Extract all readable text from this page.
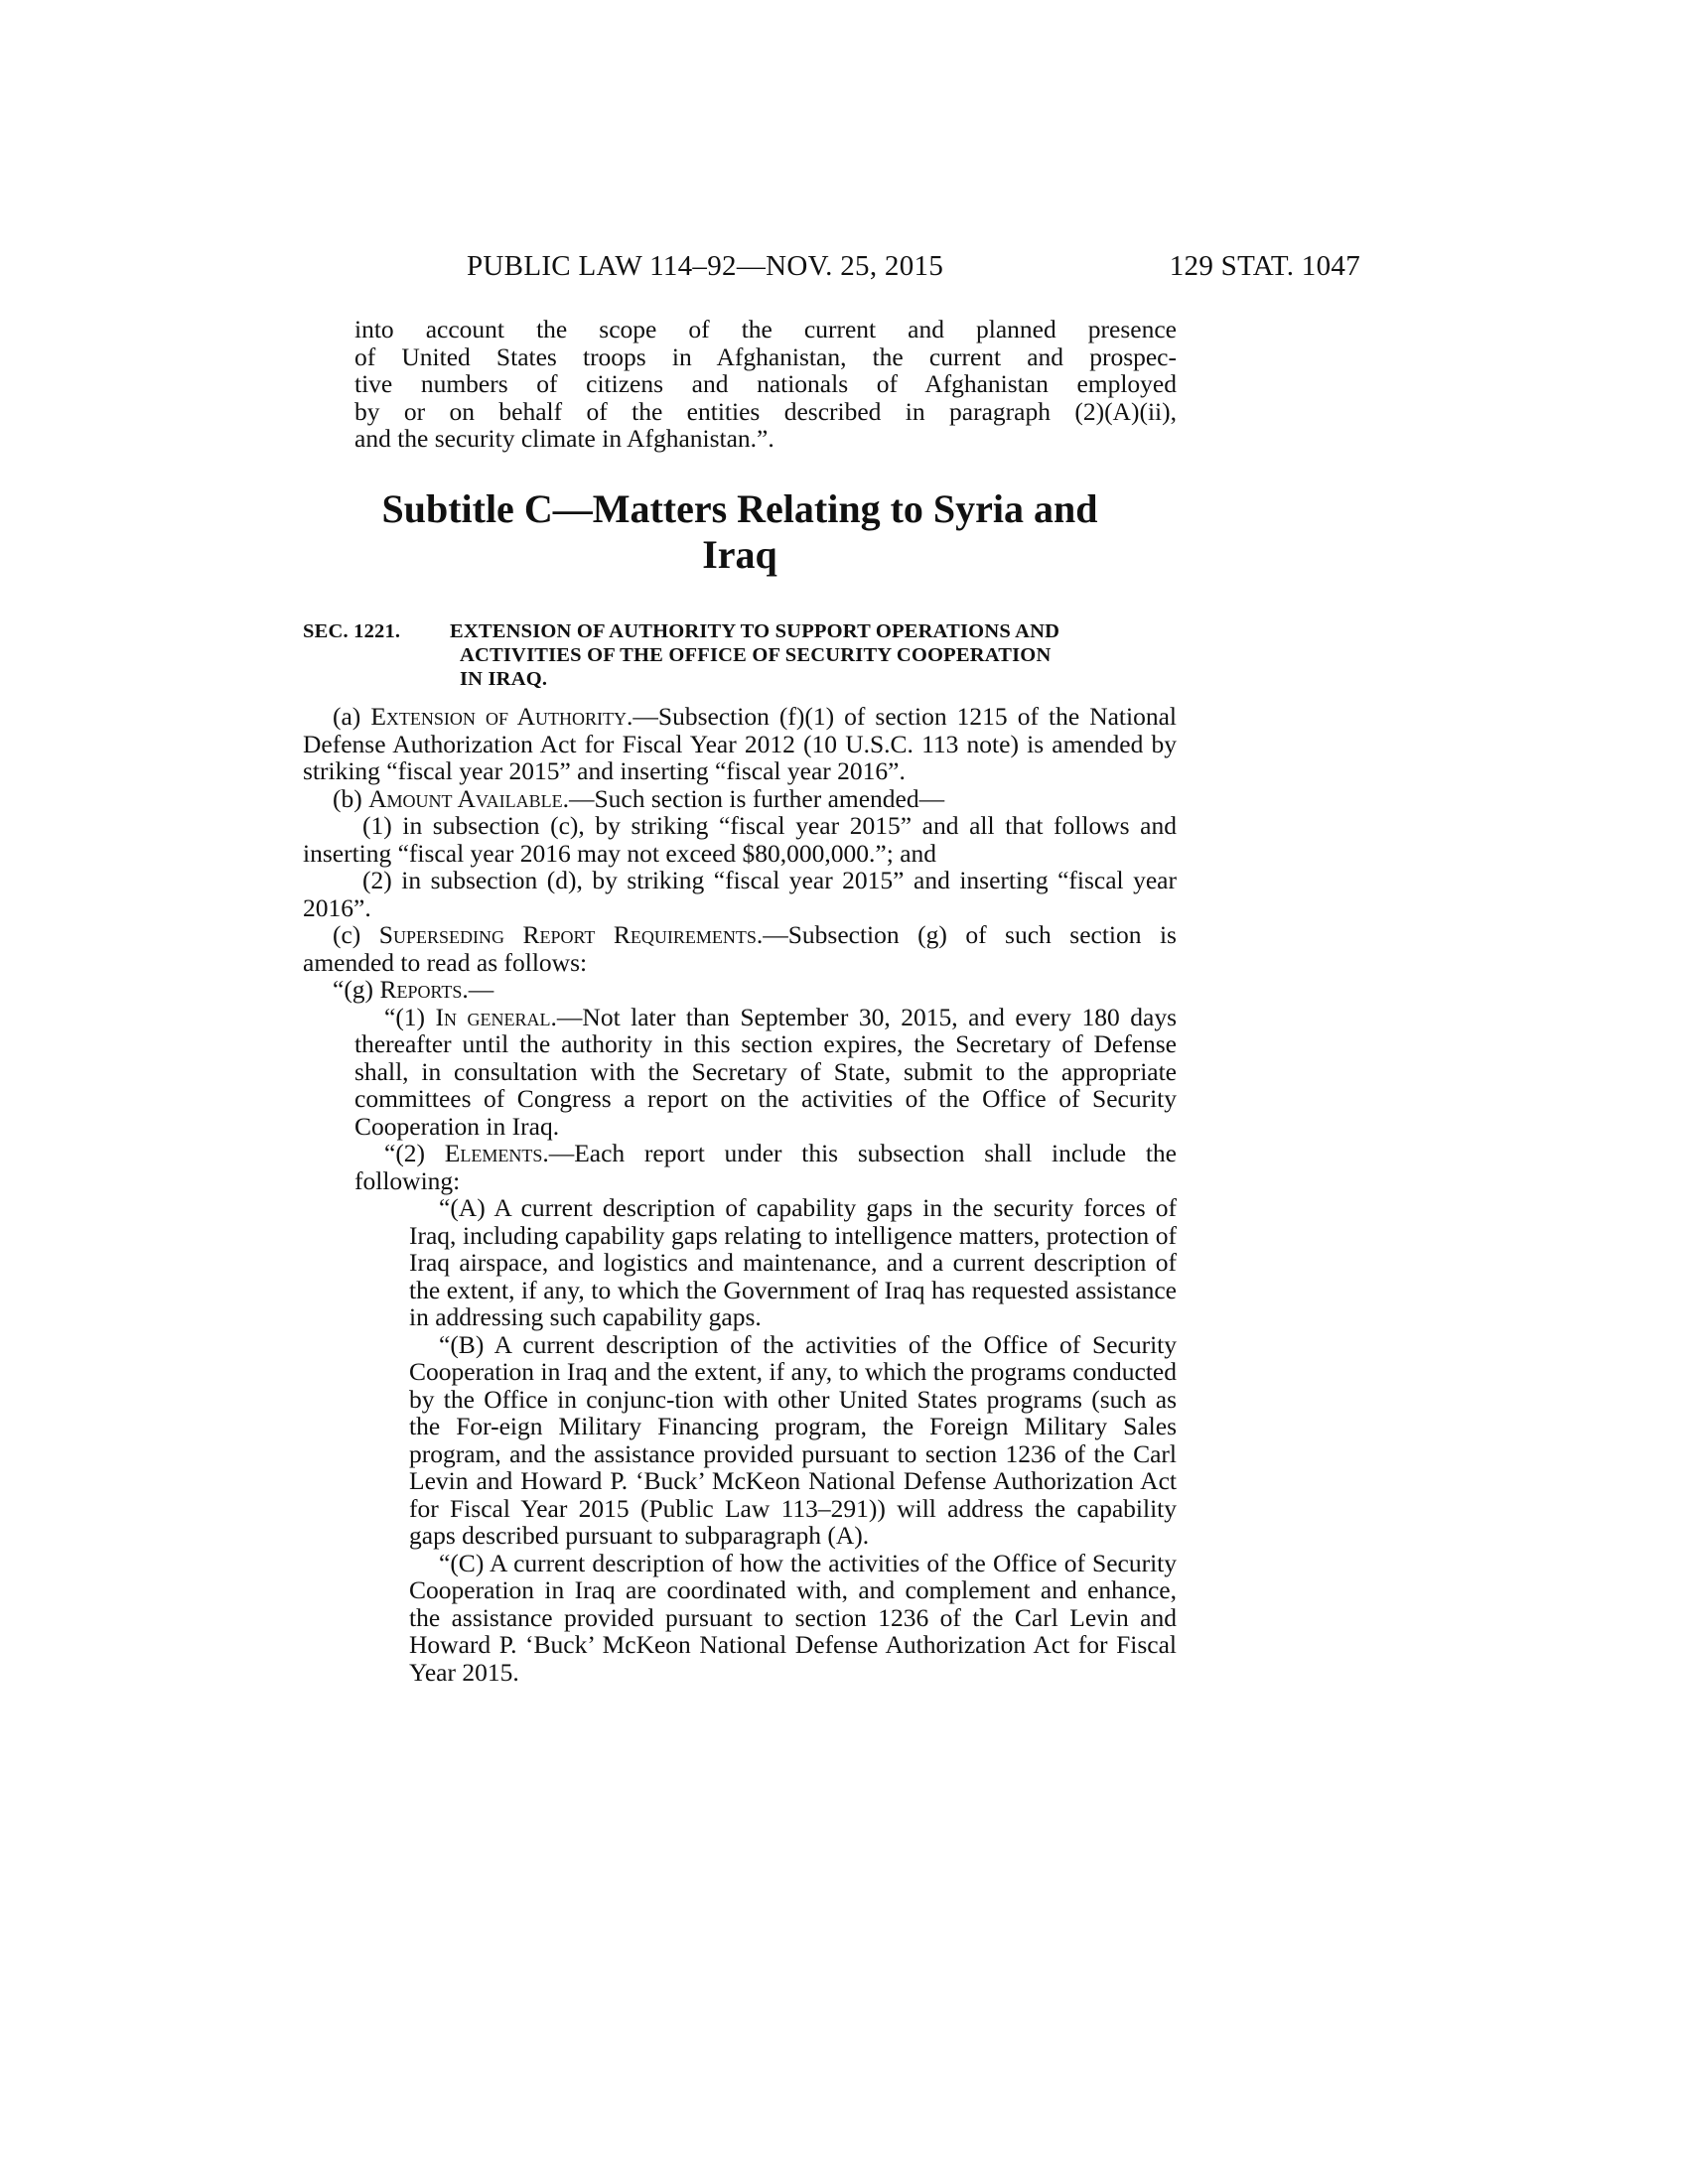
PUBLIC LAW 114–92—NOV. 25, 2015	129 STAT. 1047
into account the scope of the current and planned presence
of United States troops in Afghanistan, the current and prospec-
tive numbers of citizens and nationals of Afghanistan employed
by or on behalf of the entities described in paragraph (2)(A)(ii),
and the security climate in Afghanistan.”.
Subtitle C—Matters Relating to Syria and
Iraq
SEC. 1221. EXTENSION OF AUTHORITY TO SUPPORT OPERATIONS AND
ACTIVITIES OF THE OFFICE OF SECURITY COOPERATION
IN IRAQ.

(a) Extension of Authority.—Subsection (f)(1) of section 1215 of the National Defense Authorization Act for Fiscal Year 2012 (10 U.S.C. 113 note) is amended by striking “fiscal year 2015” and inserting “fiscal year 2016”.

(b) Amount Available.—Such section is further amended—

(1) in subsection (c), by striking “fiscal year 2015” and all that follows and inserting “fiscal year 2016 may not exceed $80,000,000.”; and

(2) in subsection (d), by striking “fiscal year 2015” and inserting “fiscal year 2016”.

(c) Superseding Report Requirements.—Subsection (g) of such section is amended to read as follows:

“(g) Reports.—

“(1) In general.—Not later than September 30, 2015, and every 180 days thereafter until the authority in this section expires, the Secretary of Defense shall, in consultation with the Secretary of State, submit to the appropriate committees of Congress a report on the activities of the Office of Security Cooperation in Iraq.

“(2) Elements.—Each report under this subsection shall include the following:

“(A) A current description of capability gaps in the security forces of Iraq, including capability gaps relating to intelligence matters, protection of Iraq airspace, and logistics and maintenance, and a current description of the extent, if any, to which the Government of Iraq has requested assistance in addressing such capability gaps.

“(B) A current description of the activities of the Office of Security Cooperation in Iraq and the extent, if any, to which the programs conducted by the Office in conjunc-tion with other United States programs (such as the For-eign Military Financing program, the Foreign Military Sales program, and the assistance provided pursuant to section 1236 of the Carl Levin and Howard P. ‘Buck’ McKeon National Defense Authorization Act for Fiscal Year 2015 (Public Law 113–291)) will address the capability gaps described pursuant to subparagraph (A).

“(C) A current description of how the activities of the Office of Security Cooperation in Iraq are coordinated with, and complement and enhance, the assistance provided pursuant to section 1236 of the Carl Levin and Howard P. ‘Buck’ McKeon National Defense Authorization Act for Fiscal Year 2015.
